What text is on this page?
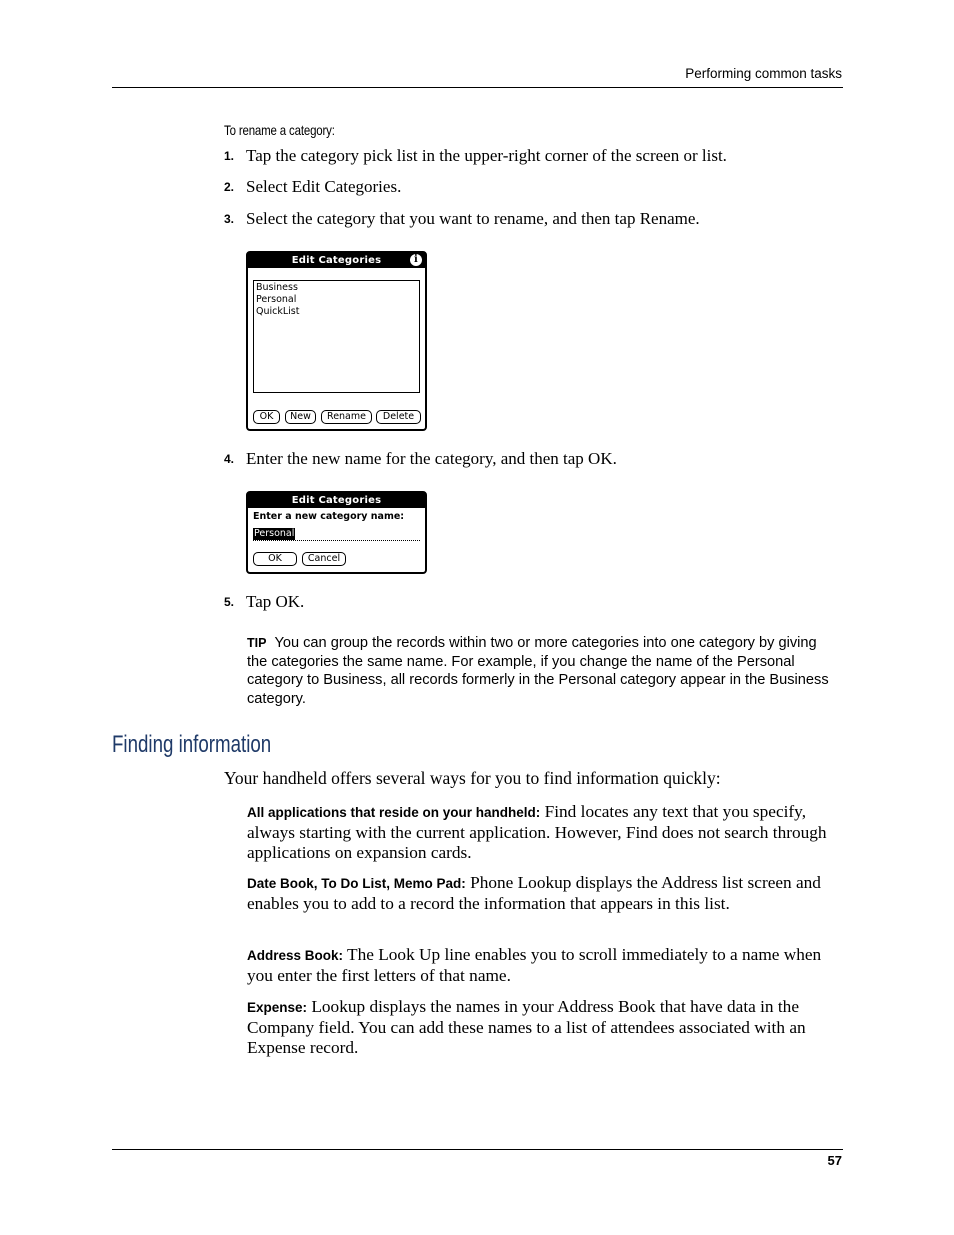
Performing common tasks
To rename a category:
1. Tap the category pick list in the upper-right corner of the screen or list.
2. Select Edit Categories.
3. Select the category that you want to rename, and then tap Rename.
Edit Categories	i
Business
Personal
QuickList
OK	New	Rename	Delete
4. Enter the new name for the category, and then tap OK.
Edit Categories
Enter a new category name:
Personal
OK	Cancel
5. Tap OK.
TIP You can group the records within two or more categories into one category by giving the categories the same name. For example, if you change the name of the Personal category to Business, all records formerly in the Personal category appear in the Business category.
Finding information
Your handheld offers several ways for you to find information quickly:
All applications that reside on your handheld: Find locates any text that you specify, always starting with the current application. However, Find does not search through applications on expansion cards.
Date Book, To Do List, Memo Pad: Phone Lookup displays the Address list screen and enables you to add to a record the information that appears in this list.
Address Book: The Look Up line enables you to scroll immediately to a name when you enter the first letters of that name.
Expense: Lookup displays the names in your Address Book that have data in the Company field. You can add these names to a list of attendees associated with an Expense record.
57
